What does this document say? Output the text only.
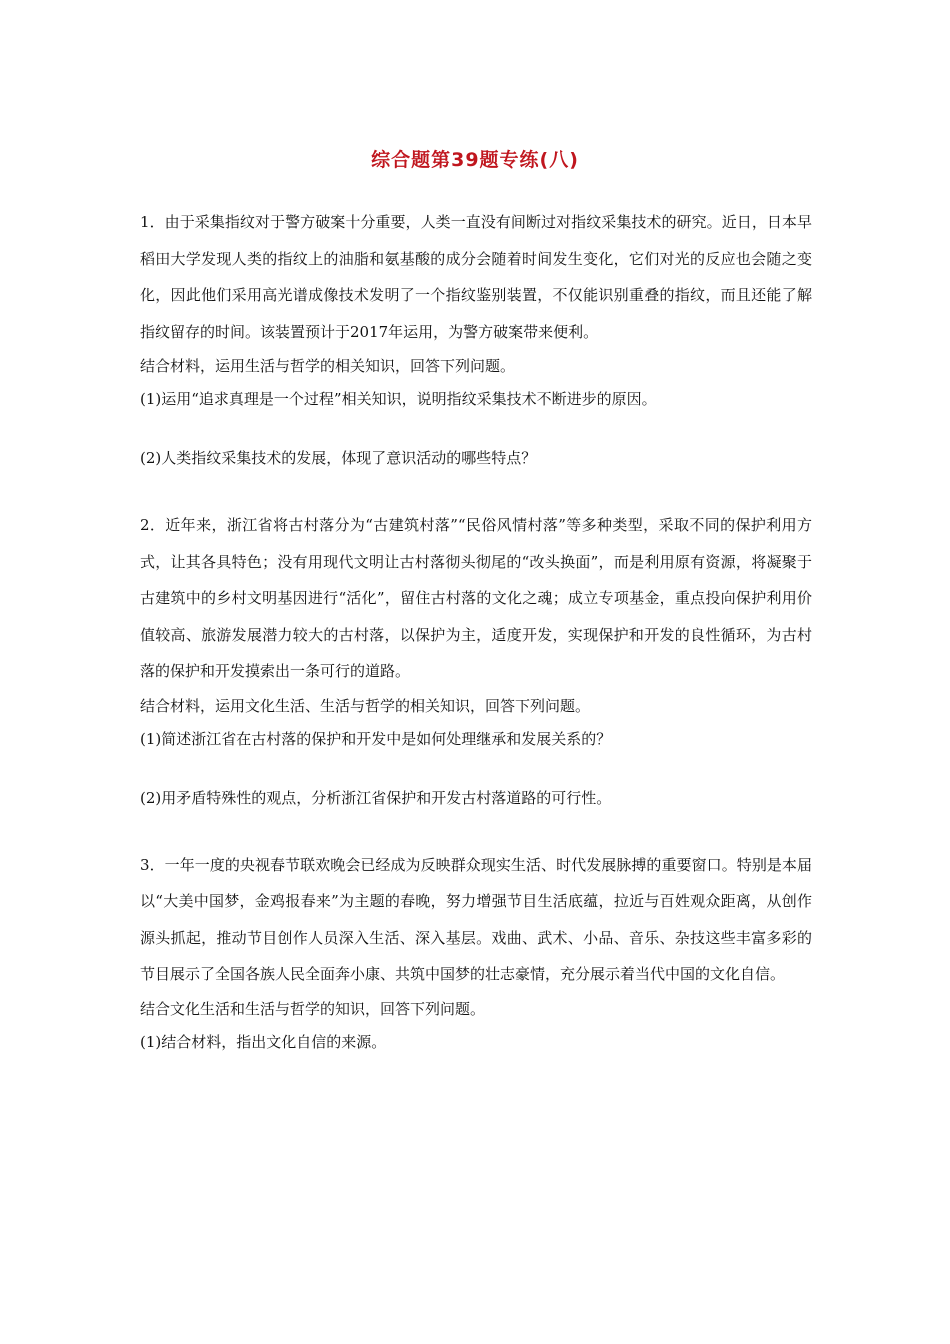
综合题第39题专练(八)

1．由于采集指纹对于警方破案十分重要，人类一直没有间断过对指纹采集技术的研究。近日，日本早稻田大学发现人类的指纹上的油脂和氨基酸的成分会随着时间发生变化，它们对光的反应也会随之变化，因此他们采用高光谱成像技术发明了一个指纹鉴别装置，不仅能识别重叠的指纹，而且还能了解指纹留存的时间。该装置预计于2017年运用，为警方破案带来便利。

结合材料，运用生活与哲学的相关知识，回答下列问题。

(1)运用“追求真理是一个过程”相关知识，说明指纹采集技术不断进步的原因。

(2)人类指纹采集技术的发展，体现了意识活动的哪些特点？

2．近年来，浙江省将古村落分为“古建筑村落”“民俗风情村落”等多种类型，采取不同的保护利用方式，让其各具特色；没有用现代文明让古村落彻头彻尾的“改头换面”，而是利用原有资源，将凝聚于古建筑中的乡村文明基因进行“活化”，留住古村落的文化之魂；成立专项基金，重点投向保护利用价值较高、旅游发展潜力较大的古村落，以保护为主，适度开发，实现保护和开发的良性循环，为古村落的保护和开发摸索出一条可行的道路。

结合材料，运用文化生活、生活与哲学的相关知识，回答下列问题。

(1)简述浙江省在古村落的保护和开发中是如何处理继承和发展关系的？

(2)用矛盾特殊性的观点，分析浙江省保护和开发古村落道路的可行性。

3．一年一度的央视春节联欢晚会已经成为反映群众现实生活、时代发展脉搏的重要窗口。特别是本届以“大美中国梦，金鸡报春来”为主题的春晚，努力增强节目生活底蕴，拉近与百姓观众距离，从创作源头抓起，推动节目创作人员深入生活、深入基层。戏曲、武术、小品、音乐、杂技这些丰富多彩的节目展示了全国各族人民全面奔小康、共筑中国梦的壮志豪情，充分展示着当代中国的文化自信。

结合文化生活和生活与哲学的知识，回答下列问题。

(1)结合材料，指出文化自信的来源。
